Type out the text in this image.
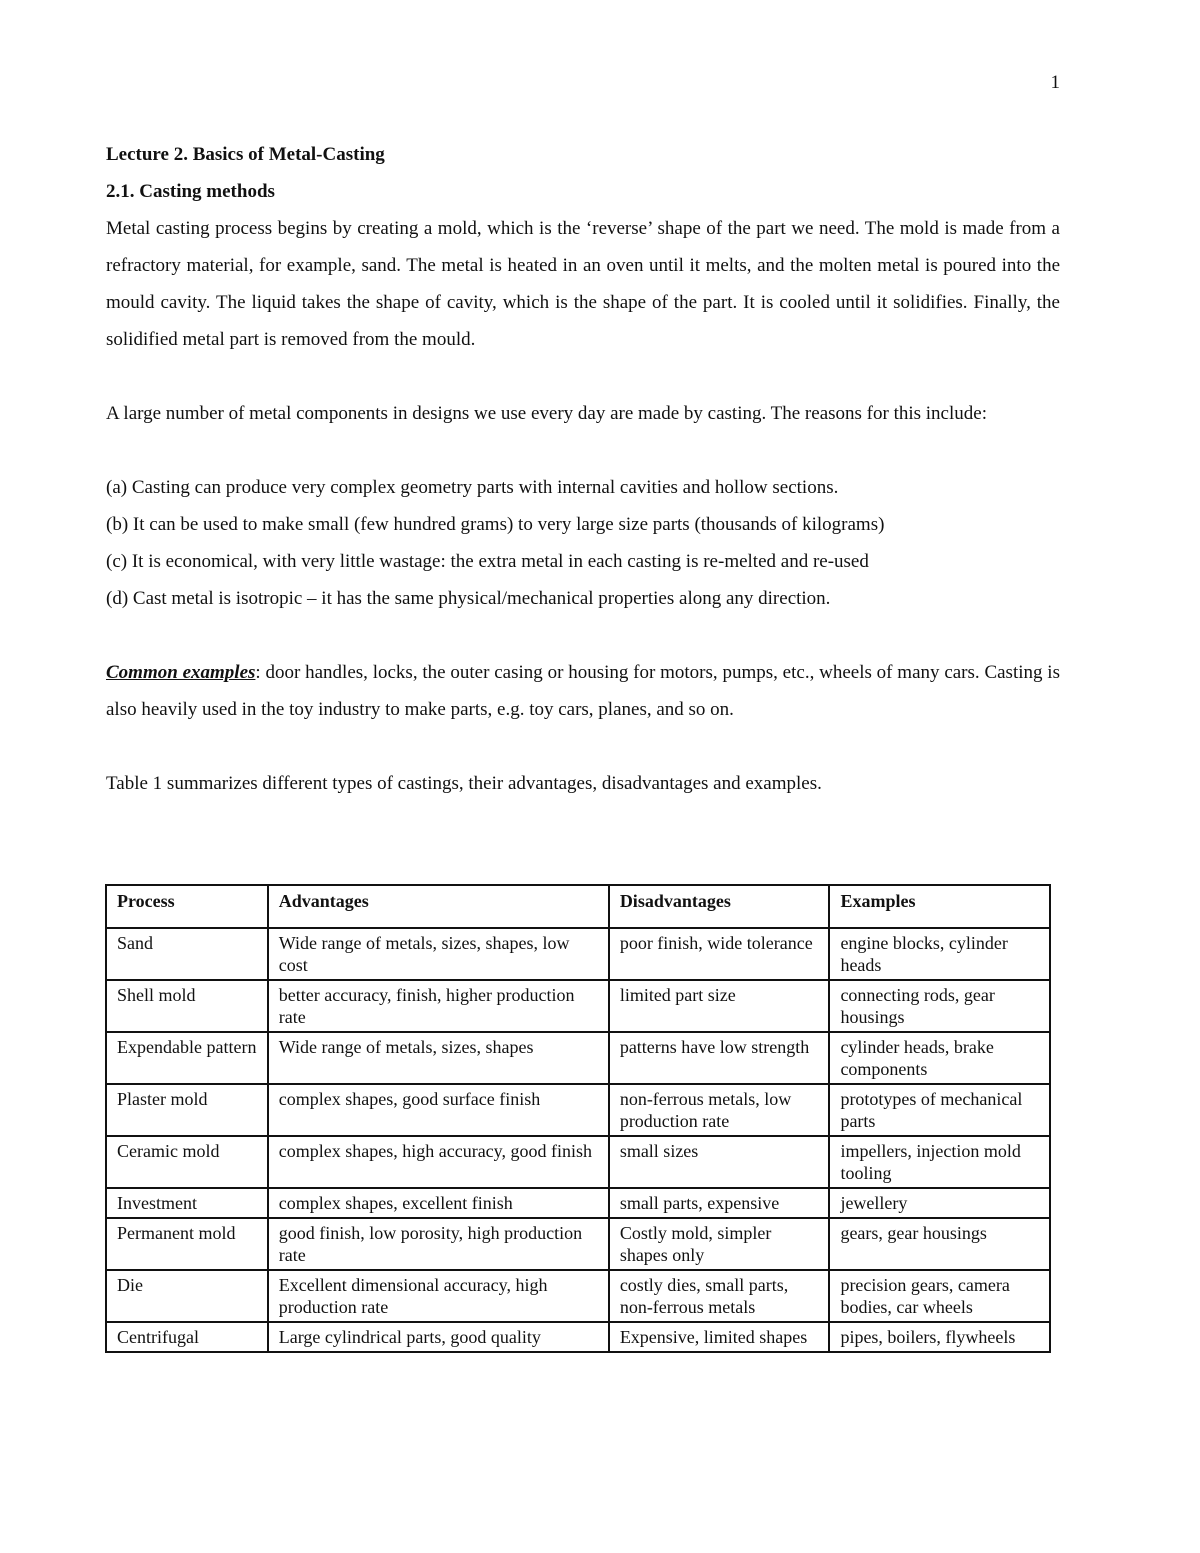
1
Lecture 2. Basics of Metal-Casting
2.1. Casting methods

Metal casting process begins by creating a mold, which is the ‘reverse’ shape of the part we need. The mold is made from a refractory material, for example, sand. The metal is heated in an oven until it melts, and the molten metal is poured into the mould cavity. The liquid takes the shape of cavity, which is the shape of the part. It is cooled until it solidifies. Finally, the solidified metal part is removed from the mould.

A large number of metal components in designs we use every day are made by casting. The reasons for this include:

(a) Casting can produce very complex geometry parts with internal cavities and hollow sections.

(b) It can be used to make small (few hundred grams) to very large size parts (thousands of kilograms)

(c) It is economical, with very little wastage: the extra metal in each casting is re-melted and re-used

(d) Cast metal is isotropic – it has the same physical/mechanical properties along any direction.

Common examples: door handles, locks, the outer casing or housing for motors, pumps, etc., wheels of many cars. Casting is also heavily used in the toy industry to make parts, e.g. toy cars, planes, and so on.

Table 1 summarizes different types of castings, their advantages, disadvantages and examples.

Process	Advantages	Disadvantages	Examples
Sand	Wide range of metals, sizes, shapes, low cost	poor finish, wide tolerance	engine blocks, cylinder heads
Shell mold	better accuracy, finish, higher production rate	limited part size	connecting rods, gear housings
Expendable pattern	Wide range of metals, sizes, shapes	patterns have low strength	cylinder heads, brake components
Plaster mold	complex shapes, good surface finish	non-ferrous metals, low production rate	prototypes of mechanical parts
Ceramic mold	complex shapes, high accuracy, good finish	small sizes	impellers, injection mold tooling
Investment	complex shapes, excellent finish	small parts, expensive	jewellery
Permanent mold	good finish, low porosity, high production rate	Costly mold, simpler shapes only	gears, gear housings
Die	Excellent dimensional accuracy, high production rate	costly dies, small parts, non-ferrous metals	precision gears, camera bodies, car wheels
Centrifugal	Large cylindrical parts, good quality	Expensive, limited shapes	pipes, boilers, flywheels
